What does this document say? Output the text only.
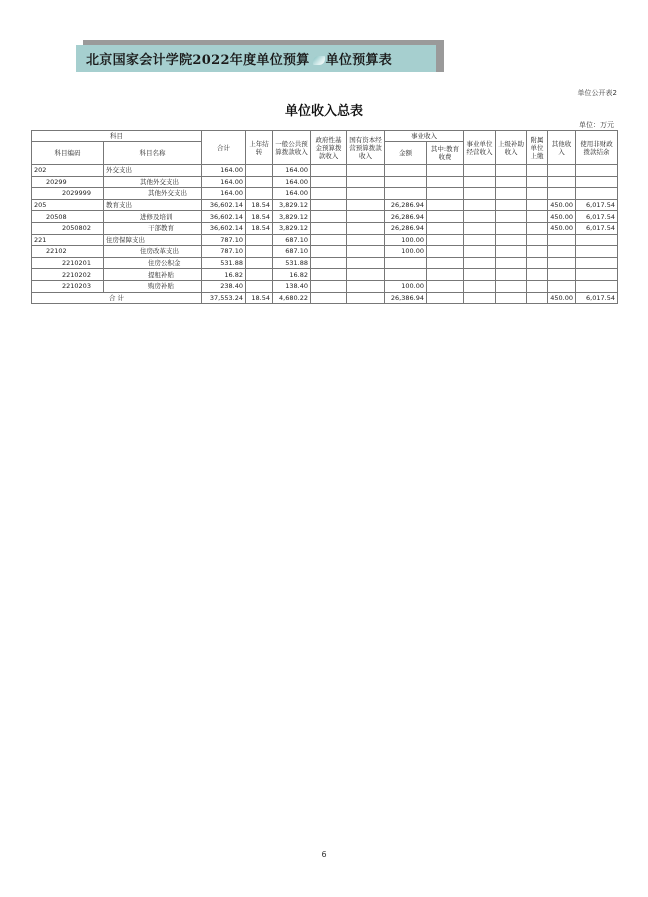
北京国家会计学院2022年度单位预算 单位预算表
单位公开表2
单位收入总表
单位：万元
科目		合计	上年结转	一般公共预算拨款收入	政府性基金预算拨款收入	国有资本经营预算拨款收入	事业收入		事业单位经营收入	上级补助收入	附属单位上缴	其他收入	使用非财政拨款结余
科目编码	科目名称						金额	其中:教育收费					
202	外交支出	164.00		164.00									
20299	其他外交支出	164.00		164.00									
2029999	其他外交支出	164.00		164.00									
205	教育支出	36,602.14	18.54	3,829.12			26,286.94					450.00	6,017.54
20508	进修及培训	36,602.14	18.54	3,829.12			26,286.94					450.00	6,017.54
2050802	干部教育	36,602.14	18.54	3,829.12			26,286.94					450.00	6,017.54
221	住房保障支出	787.10		687.10			100.00						
22102	住房改革支出	787.10		687.10			100.00						
2210201	住房公积金	531.88		531.88									
2210202	提租补贴	16.82		16.82									
2210203	购房补贴	238.40		138.40			100.00						
合 计		37,553.24	18.54	4,680.22			26,386.94					450.00	6,017.54
6
